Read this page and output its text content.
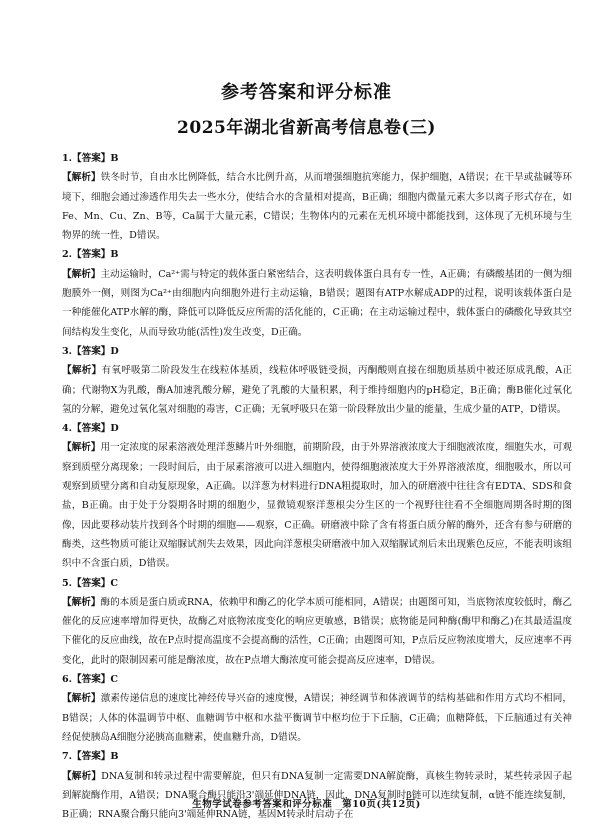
参考答案和评分标准
2025年湖北省新高考信息卷(三)
1.【答案】B
【解析】铁冬时节，自由水比例降低，结合水比例升高，从而增强细胞抗寒能力，保护细胞，A错误；在干旱或盐碱等环境下，细胞会通过渗透作用失去一些水分，使结合水的含量相对提高，B正确；细胞内微量元素大多以离子形式存在，如Fe、Mn、Cu、Zn、B等，Ca属于大量元素，C错误；生物体内的元素在无机环境中都能找到，这体现了无机环境与生物界的统一性，D错误。
2.【答案】B
【解析】主动运输时，Ca²⁺需与特定的载体蛋白紧密结合，这表明载体蛋白具有专一性，A正确；有磷酸基团的一侧为细胞膜外一侧，则图为Ca²⁺由细胞内向细胞外进行主动运输，B错误；题图有ATP水解成ADP的过程，说明该载体蛋白是一种能催化ATP水解的酶，降低可以降低反应所需的活化能的，C正确；在主动运输过程中，载体蛋白的磷酸化导致其空间结构发生变化，从而导致功能(活性)发生改变，D正确。
3.【答案】D
【解析】有氧呼吸第二阶段发生在线粒体基质，线粒体呼吸链受损，丙酮酸则直接在细胞质基质中被还原成乳酸，A正确；代谢物X为乳酸，酶A加速乳酸分解，避免了乳酸的大量积累，利于维持细胞内的pH稳定，B正确；酶B催化过氧化氢的分解，避免过氧化氢对细胞的毒害，C正确；无氧呼吸只在第一阶段释放出少量的能量，生成少量的ATP，D错误。
4.【答案】D
【解析】用一定浓度的尿素溶液处理洋葱鳞片叶外细胞，前期阶段，由于外界溶液浓度大于细胞液浓度，细胞失水，可观察到质壁分离现象；一段时间后，由于尿素溶液可以进入细胞内，使得细胞液浓度大于外界溶液浓度，细胞吸水，所以可观察到质壁分离和自动复原现象，A正确。以洋葱为材料进行DNA粗提取时，加入的研磨液中往往含有EDTA、SDS和食盐，B正确。由于处于分裂期各时期的细胞少，显微镜观察洋葱根尖分生区的一个视野往往看不全细胞周期各时期的图像，因此要移动装片找到各个时期的细胞——观察，C正确。研磨液中除了含有将蛋白质分解的酶外，还含有参与研磨的酶类，这些物质可能让双缩脲试剂失去效果，因此向洋葱根尖研磨液中加入双缩脲试剂后未出现紫色反应，不能表明该组织中不含蛋白质，D错误。
5.【答案】C
【解析】酶的本质是蛋白质或RNA，依赖甲和酶乙的化学本质可能相同，A错误；由题图可知，当底物浓度较低时，酶乙催化的反应速率增加得更快，故酶乙对底物浓度变化的响应更敏感，B错误；底物能是同种酶(酶甲和酶乙)在其最适温度下催化的反应曲线，故在P点时提高温度不会提高酶的活性，C正确；由题图可知，P点后反应物浓度增大，反应速率不再变化，此时的限制因素可能是酶浓度，故在P点增大酶浓度可能会提高反应速率，D错误。
6.【答案】C
【解析】激素传递信息的速度比神经传导兴奋的速度慢，A错误；神经调节和体液调节的结构基础和作用方式均不相同，B错误；人体的体温调节中枢、血糖调节中枢和水盐平衡调节中枢均位于下丘脑，C正确；血糖降低，下丘脑通过有关神经促使胰岛A细胞分泌胰高血糖素，使血糖升高，D错误。
7.【答案】B
【解析】DNA复制和转录过程中需要解旋，但只有DNA复制一定需要DNA解旋酶，真核生物转录时，某些转录因子起到解旋酶作用，A错误；DNA聚合酶只能沿3'端延伸DNA链，因此，DNA复制时β链可以连续复制，α链不能连续复制，B正确；RNA聚合酶只能向3'端延伸RNA链，基因M转录时启动子在
生物学试卷参考答案和评分标准　第10页(共12页)
